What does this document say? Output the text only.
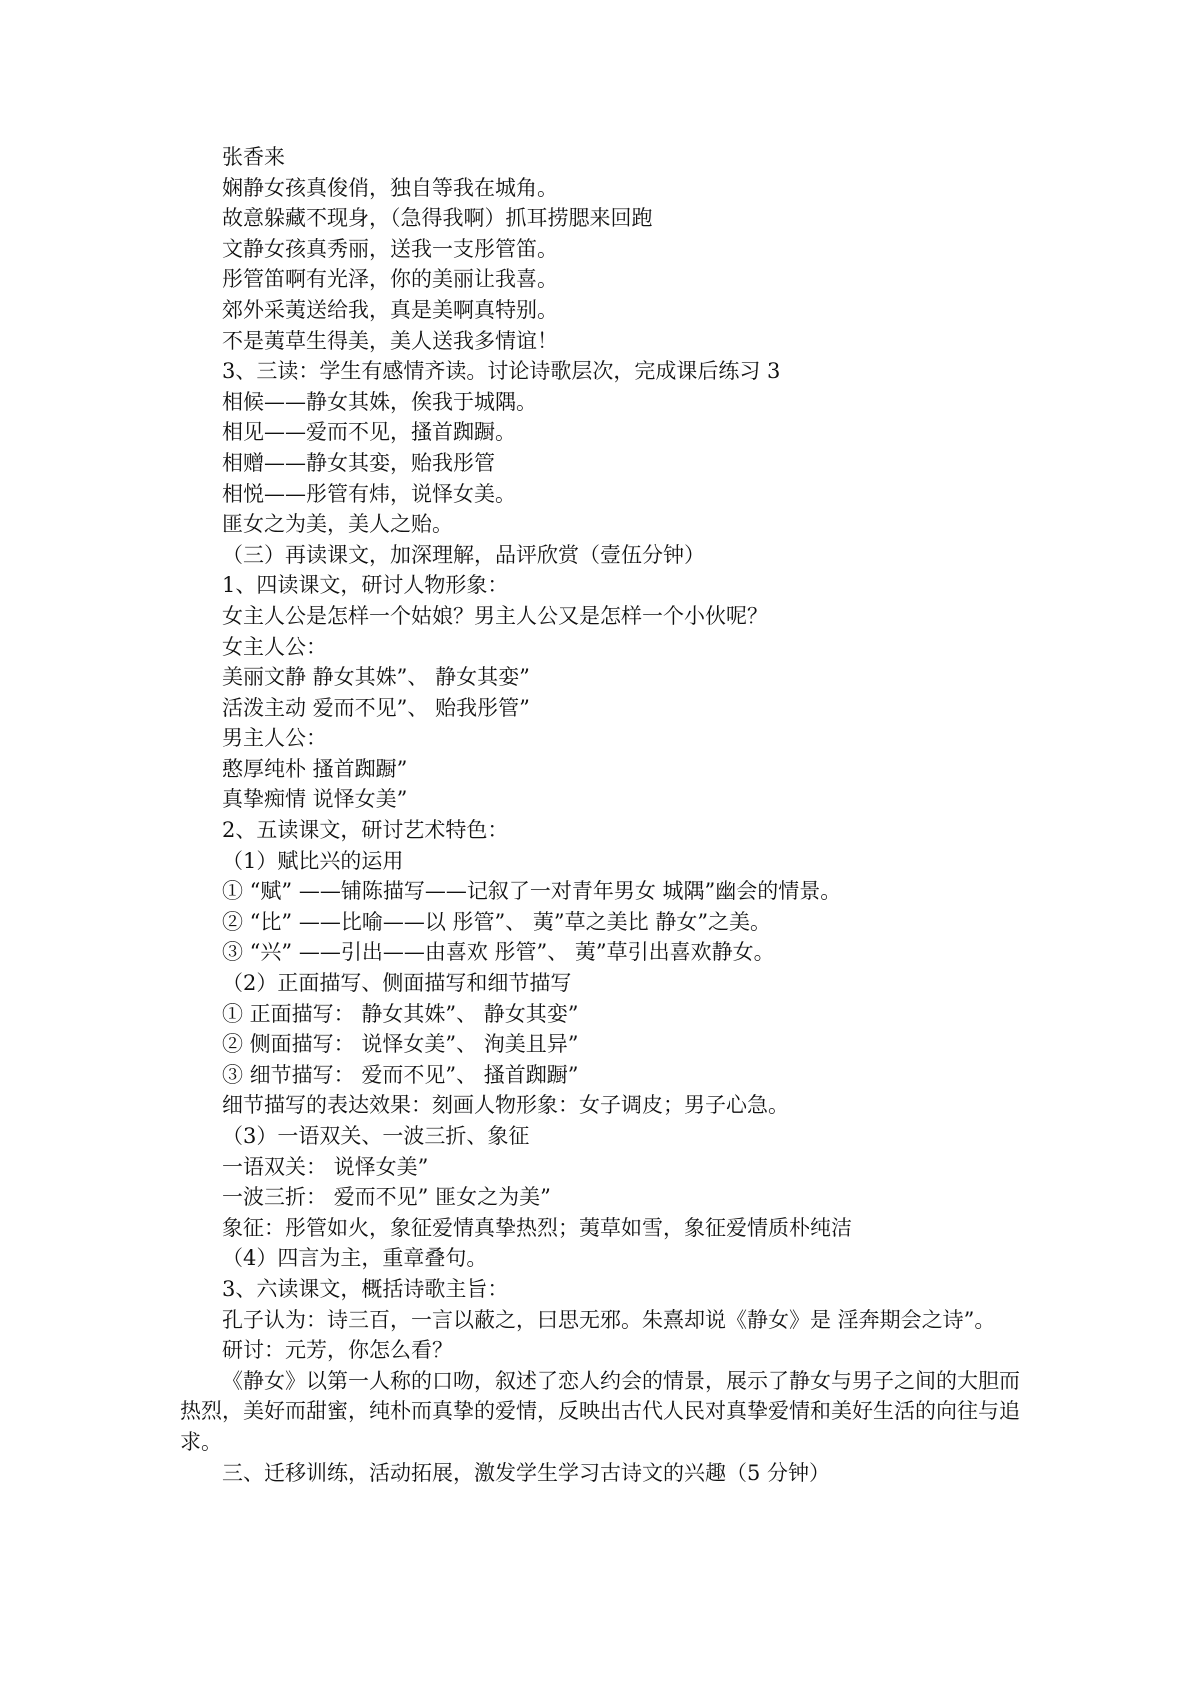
张香来
娴静女孩真俊俏，独自等我在城角。
故意躲藏不现身，（急得我啊）抓耳捞腮来回跑
文静女孩真秀丽，送我一支彤管笛。
彤管笛啊有光泽，你的美丽让我喜。
郊外采荑送给我，真是美啊真特别。
不是荑草生得美，美人送我多情谊！
3、三读：学生有感情齐读。讨论诗歌层次，完成课后练习 3
相候——静女其姝，俟我于城隅。
相见——爱而不见，搔首踟蹰。
相赠——静女其娈，贻我彤管
相悦——彤管有炜，说怿女美。
匪女之为美，美人之贻。
（三）再读课文，加深理解，品评欣赏（壹伍分钟）
1、四读课文，研讨人物形象：
女主人公是怎样一个姑娘？男主人公又是怎样一个小伙呢？
女主人公：
美丽文静 静女其姝”、 静女其娈”
活泼主动 爱而不见”、 贻我彤管”
男主人公：
憨厚纯朴 搔首踟蹰”
真挚痴情 说怿女美”
2、五读课文，研讨艺术特色：
（1）赋比兴的运用
① “赋” ——铺陈描写——记叙了一对青年男女 城隅”幽会的情景。
② “比” ——比喻——以 彤管”、 荑”草之美比 静女”之美。
③ “兴” ——引出——由喜欢 彤管”、 荑”草引出喜欢静女。
（2）正面描写、侧面描写和细节描写
① 正面描写： 静女其姝”、 静女其娈”
② 侧面描写： 说怿女美”、 洵美且异”
③ 细节描写： 爱而不见”、 搔首踟蹰”
细节描写的表达效果：刻画人物形象：女子调皮；男子心急。
（3）一语双关、一波三折、象征
一语双关： 说怿女美”
一波三折： 爱而不见” 匪女之为美”
象征：彤管如火，象征爱情真挚热烈；荑草如雪，象征爱情质朴纯洁
（4）四言为主，重章叠句。
3、六读课文，概括诗歌主旨：
孔子认为：诗三百，一言以蔽之，曰思无邪。朱熹却说《静女》是 淫奔期会之诗”。
研讨：元芳，你怎么看？
《静女》以第一人称的口吻，叙述了恋人约会的情景，展示了静女与男子之间的大胆而热烈，美好而甜蜜，纯朴而真挚的爱情，反映出古代人民对真挚爱情和美好生活的向往与追求。
三、迁移训练，活动拓展，激发学生学习古诗文的兴趣（5 分钟）
